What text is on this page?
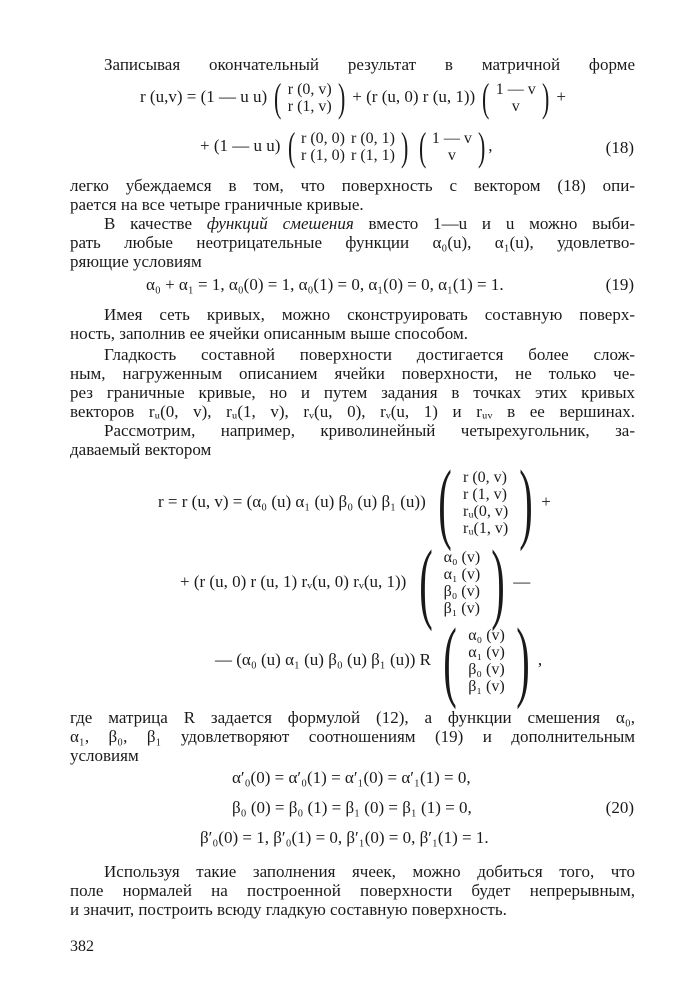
Записывая окончательный результат в матричной форме
r (u,v) = (1 — u u) ( r (0, v)
r (1, v) ) + (r (u, 0) r (u, 1)) ( 1 — v
v ) +
+ (1 — u u) ( r (0, 0)	r (0, 1)
r (1, 0)	r (1, 1) ) ( 1 — v
v ) ,	(18)
легко убеждаемся в том, что поверхность с вектором (18) опи-
рается на все четыре граничные кривые.
В качестве функций смешения вместо 1—u и u можно выби-
рать любые неотрицательные функции α₀(u), α₁(u), удовлетво-
ряющие условиям
α₀ + α₁ = 1, α₀(0) = 1, α₀(1) = 0, α₁(0) = 0, α₁(1) = 1.	(19)
Имея сеть кривых, можно сконструировать составную поверх-
ность, заполнив ее ячейки описанным выше способом.
Гладкость составной поверхности достигается более слож-
ным, нагруженным описанием ячейки поверхности, не только че-
рез граничные кривые, но и путем задания в точках этих кривых
векторов rᵤ(0, v), rᵤ(1, v), rᵥ(u, 0), rᵥ(u, 1) и rᵤᵥ в ее вершинах.
Рассмотрим, например, криволинейный четырехугольник, за-
даваемый вектором
r = r (u, v) = (α₀ (u) α₁ (u) β₀ (u) β₁ (u)) ( r (0, v)
r (1, v)
rᵤ(0, v)
rᵤ(1, v) ) +
+ (r (u, 0) r (u, 1) rᵥ(u, 0) rᵥ(u, 1)) ( α₀ (v)
α₁ (v)
β₀ (v)
β₁ (v) ) —
— (α₀ (u) α₁ (u) β₀ (u) β₁ (u)) R ( α₀ (v)
α₁ (v)
β₀ (v)
β₁ (v) ) ,
где матрица R задается формулой (12), а функции смешения α₀,
α₁, β₀, β₁ удовлетворяют соотношениям (19) и дополнительным
условиям
α′₀(0) = α′₀(1) = α′₁(0) = α′₁(1) = 0,
β₀ (0) = β₀ (1) = β₁ (0) = β₁ (1) = 0,	(20)
β′₀(0) = 1, β′₀(1) = 0, β′₁(0) = 0, β′₁(1) = 1.
Используя такие заполнения ячеек, можно добиться того, что
поле нормалей на построенной поверхности будет непрерывным,
и значит, построить всюду гладкую составную поверхность.
382
